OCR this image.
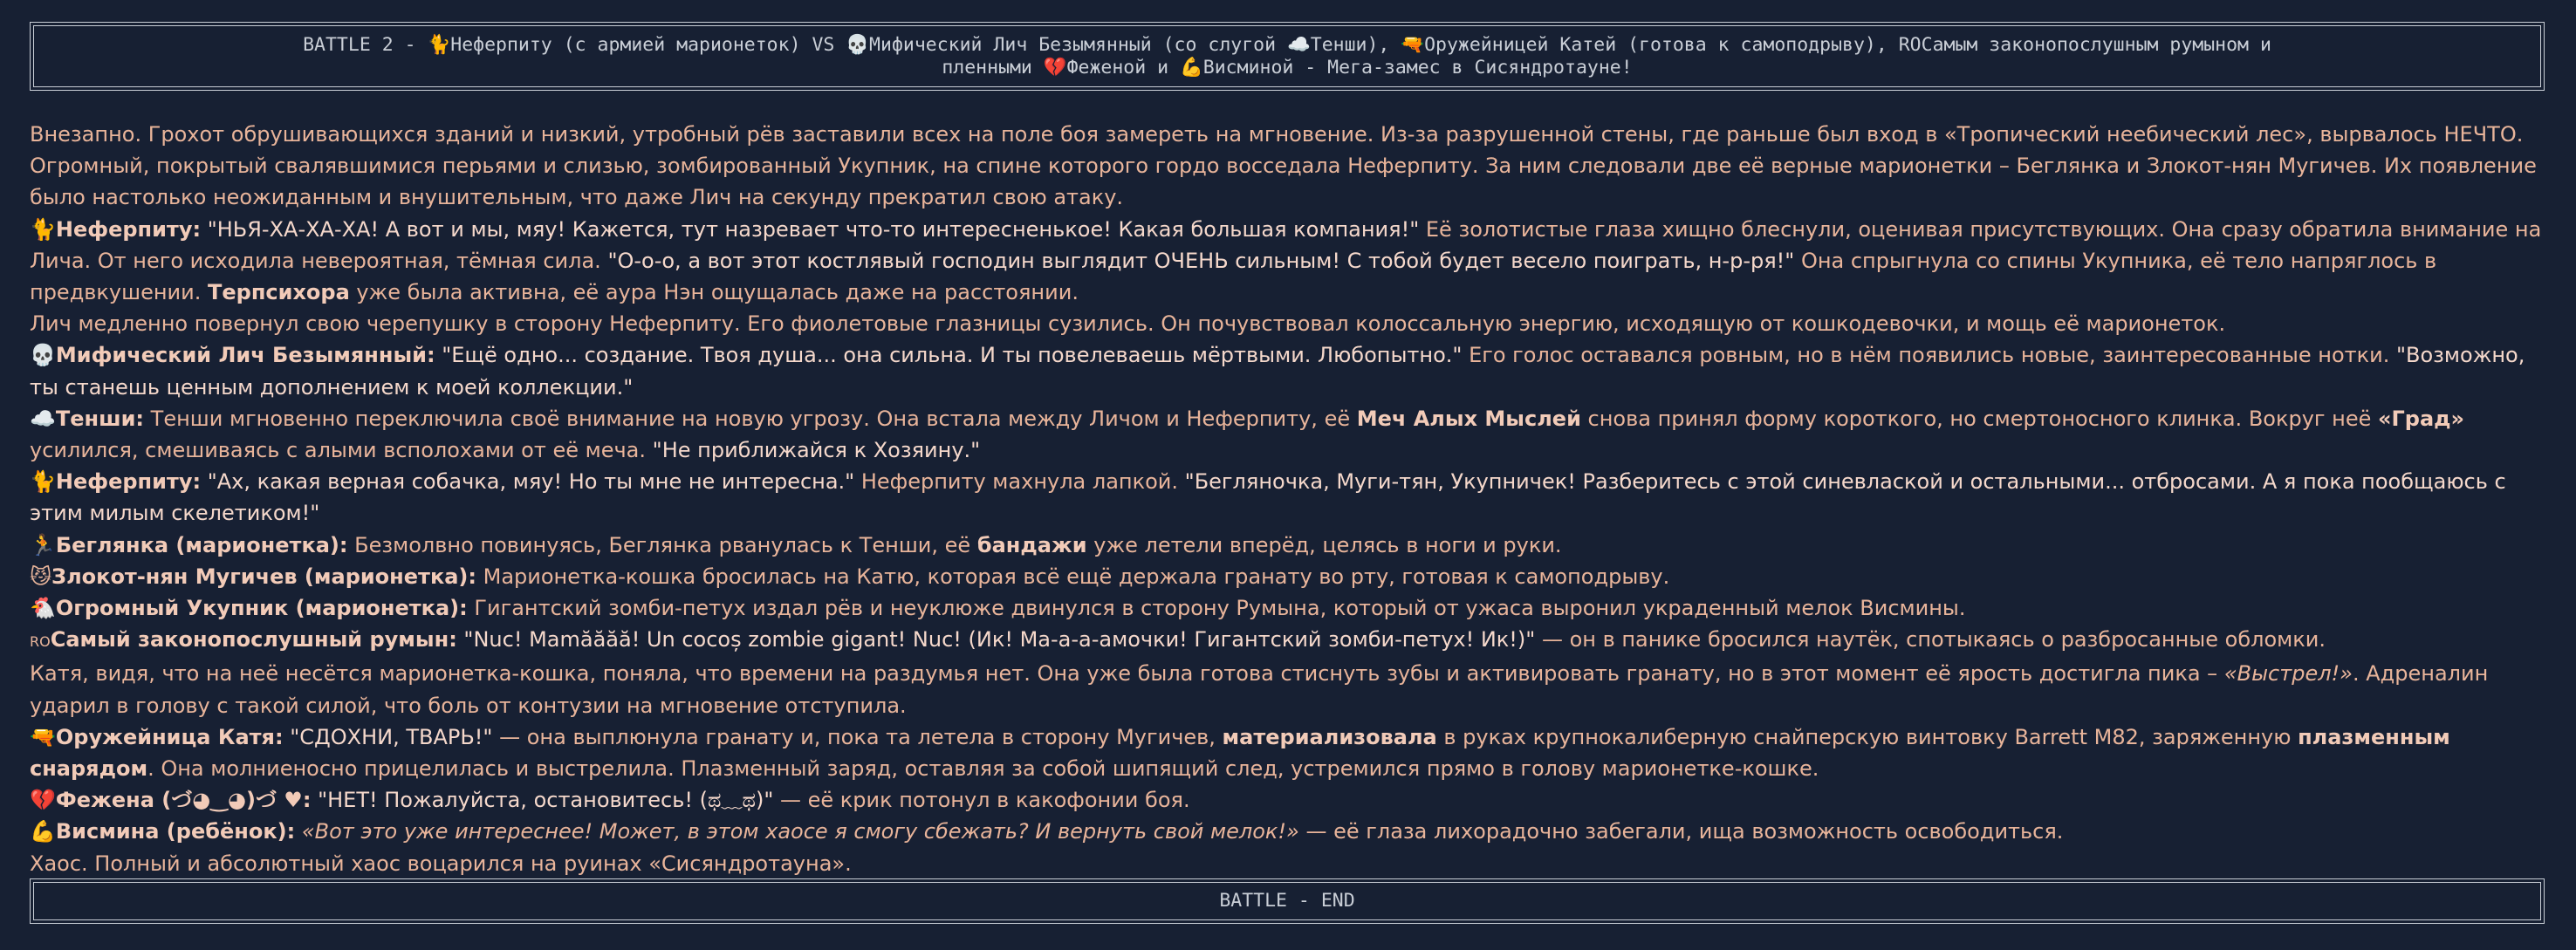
BATTLE 2 - 🐈Неферпиту (с армией марионеток) VS 💀Мифический Лич Безымянный (со слугой ☁️Тенши), 🔫Оружейницей Катей (готова к самоподрыву), RОСамым законопослушным румыном и
пленными 💔Феженой и 💪Висминой - Мега-замес в Сисяндротауне!

Внезапно. Грохот обрушивающихся зданий и низкий, утробный рёв заставили всех на поле боя замереть на мгновение. Из-за разрушенной стены, где раньше был вход в «Тропический неебический лес», вырвалось НЕЧТО. Огромный, покрытый свалявшимися перьями и слизью, зомбированный Укупник, на спине которого гордо восседала Неферпиту. За ним следовали две её верные марионетки – Беглянка и Злокот-нян Мугичев. Их появление было настолько неожиданным и внушительным, что даже Лич на секунду прекратил свою атаку.

🐈Неферпиту: "НЬЯ-ХА-ХА-ХА! А вот и мы, мяу! Кажется, тут назревает что-то интересненькое! Какая большая компания!" Её золотистые глаза хищно блеснули, оценивая присутствующих. Она сразу обратила внимание на Лича. От него исходила невероятная, тёмная сила. "О-о-о, а вот этот костлявый господин выглядит ОЧЕНЬ сильным! С тобой будет весело поиграть, н-р-ря!" Она спрыгнула со спины Укупника, её тело напряглось в предвкушении. Терпсихора уже была активна, её аура Нэн ощущалась даже на расстоянии.

Лич медленно повернул свою черепушку в сторону Неферпиту. Его фиолетовые глазницы сузились. Он почувствовал колоссальную энергию, исходящую от кошкодевочки, и мощь её марионеток.

💀Мифический Лич Безымянный: "Ещё одно... создание. Твоя душа... она сильна. И ты повелеваешь мёртвыми. Любопытно." Его голос оставался ровным, но в нём появились новые, заинтересованные нотки. "Возможно, ты станешь ценным дополнением к моей коллекции."

☁️Тенши: Тенши мгновенно переключила своё внимание на новую угрозу. Она встала между Личом и Неферпиту, её Меч Алых Мыслей снова принял форму короткого, но смертоносного клинка. Вокруг неё «Град» усилился, смешиваясь с алыми всполохами от её меча. "Не приближайся к Хозяину."

🐈Неферпиту: "Ах, какая верная собачка, мяу! Но ты мне не интересна." Неферпиту махнула лапкой. "Бегляночка, Муги-тян, Укупничек! Разберитесь с этой синевлаской и остальными... отбросами. А я пока пообщаюсь с этим милым скелетиком!"

🏃Беглянка (марионетка): Безмолвно повинуясь, Беглянка рванулась к Тенши, её бандажи уже летели вперёд, целясь в ноги и руки.

😼Злокот-нян Мугичев (марионетка): Марионетка-кошка бросилась на Катю, которая всё ещё держала гранату во рту, готовая к самоподрыву.

🐔Огромный Укупник (марионетка): Гигантский зомби-петух издал рёв и неуклюже двинулся в сторону Румына, который от ужаса выронил украденный мелок Висмины.

ROСамый законопослушный румын: "Nuc! Mamăăăă! Un cocoș zombie gigant! Nuc! (Ик! Ма-а-а-амочки! Гигантский зомби-петух! Ик!)" — он в панике бросился наутёк, спотыкаясь о разбросанные обломки.

Катя, видя, что на неё несётся марионетка-кошка, поняла, что времени на раздумья нет. Она уже была готова стиснуть зубы и активировать гранату, но в этот момент её ярость достигла пика – «Выстрел!». Адреналин ударил в голову с такой силой, что боль от контузии на мгновение отступила.

🔫Оружейница Катя: "СДОХНИ, ТВАРЬ!" — она выплюнула гранату и, пока та летела в сторону Мугичев, материализовала в руках крупнокалиберную снайперскую винтовку Barrett M82, заряженную плазменным снарядом. Она молниеносно прицелилась и выстрелила. Плазменный заряд, оставляя за собой шипящий след, устремился прямо в голову марионетке-кошке.

💔Фежена (づ◕‿◕)づ ♥: "НЕТ! Пожалуйста, остановитесь! (ಥ﹏ಥ)" — её крик потонул в какофонии боя.

💪Висмина (ребёнок): «Вот это уже интереснее! Может, в этом хаосе я смогу сбежать? И вернуть свой мелок!» — её глаза лихорадочно забегали, ища возможность освободиться.

Хаос. Полный и абсолютный хаос воцарился на руинах «Сисяндротауна».

BATTLE - END
